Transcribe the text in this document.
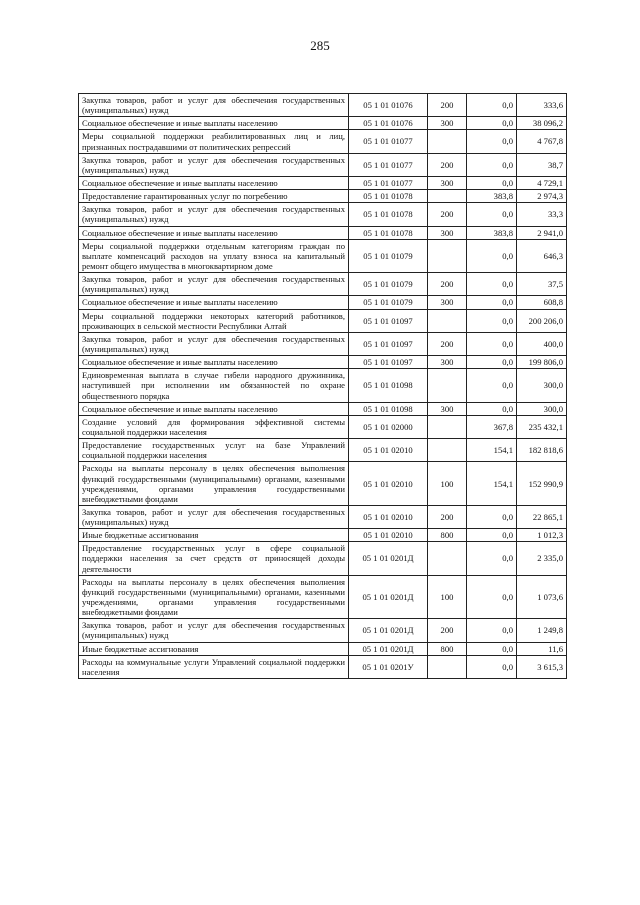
285
Закупка товаров, работ и услуг для обеспечения государственных (муниципальных) нужд	05 1 01 01076	200	0,0	333,6
Социальное обеспечение и иные выплаты населению	05 1 01 01076	300	0,0	38 096,2
Меры социальной поддержки реабилитированных лиц и лиц, признанных пострадавшими от политических репрессий	05 1 01 01077		0,0	4 767,8
Закупка товаров, работ и услуг для обеспечения государственных (муниципальных) нужд	05 1 01 01077	200	0,0	38,7
Социальное обеспечение и иные выплаты населению	05 1 01 01077	300	0,0	4 729,1
Предоставление гарантированных услуг по погребению	05 1 01 01078		383,8	2 974,3
Закупка товаров, работ и услуг для обеспечения государственных (муниципальных) нужд	05 1 01 01078	200	0,0	33,3
Социальное обеспечение и иные выплаты населению	05 1 01 01078	300	383,8	2 941,0
Меры социальной поддержки отдельным категориям граждан по выплате компенсаций расходов на уплату взноса на капитальный ремонт общего имущества в многоквартирном доме	05 1 01 01079		0,0	646,3
Закупка товаров, работ и услуг для обеспечения государственных (муниципальных) нужд	05 1 01 01079	200	0,0	37,5
Социальное обеспечение и иные выплаты населению	05 1 01 01079	300	0,0	608,8
Меры социальной поддержки некоторых категорий работников, проживающих в сельской местности Республики Алтай	05 1 01 01097		0,0	200 206,0
Закупка товаров, работ и услуг для обеспечения государственных (муниципальных) нужд	05 1 01 01097	200	0,0	400,0
Социальное обеспечение и иные выплаты населению	05 1 01 01097	300	0,0	199 806,0
Единовременная выплата в случае гибели народного дружинника, наступившей при исполнении им обязанностей по охране общественного порядка	05 1 01 01098		0,0	300,0
Социальное обеспечение и иные выплаты населению	05 1 01 01098	300	0,0	300,0
Создание условий для формирования эффективной системы социальной поддержки населения	05 1 01 02000		367,8	235 432,1
Предоставление государственных услуг на базе Управлений социальной поддержки населения	05 1 01 02010		154,1	182 818,6
Расходы на выплаты персоналу в целях обеспечения выполнения функций государственными (муниципальными) органами, казенными учреждениями, органами управления государственными внебюджетными фондами	05 1 01 02010	100	154,1	152 990,9
Закупка товаров, работ и услуг для обеспечения государственных (муниципальных) нужд	05 1 01 02010	200	0,0	22 865,1
Иные бюджетные ассигнования	05 1 01 02010	800	0,0	1 012,3
Предоставление государственных услуг в сфере социальной поддержки населения за счет средств от приносящей доходы деятельности	05 1 01 0201Д		0,0	2 335,0
Расходы на выплаты персоналу в целях обеспечения выполнения функций государственными (муниципальными) органами, казенными учреждениями, органами управления государственными внебюджетными фондами	05 1 01 0201Д	100	0,0	1 073,6
Закупка товаров, работ и услуг для обеспечения государственных (муниципальных) нужд	05 1 01 0201Д	200	0,0	1 249,8
Иные бюджетные ассигнования	05 1 01 0201Д	800	0,0	11,6
Расходы на коммунальные услуги Управлений социальной поддержки населения	05 1 01 0201У		0,0	3 615,3
